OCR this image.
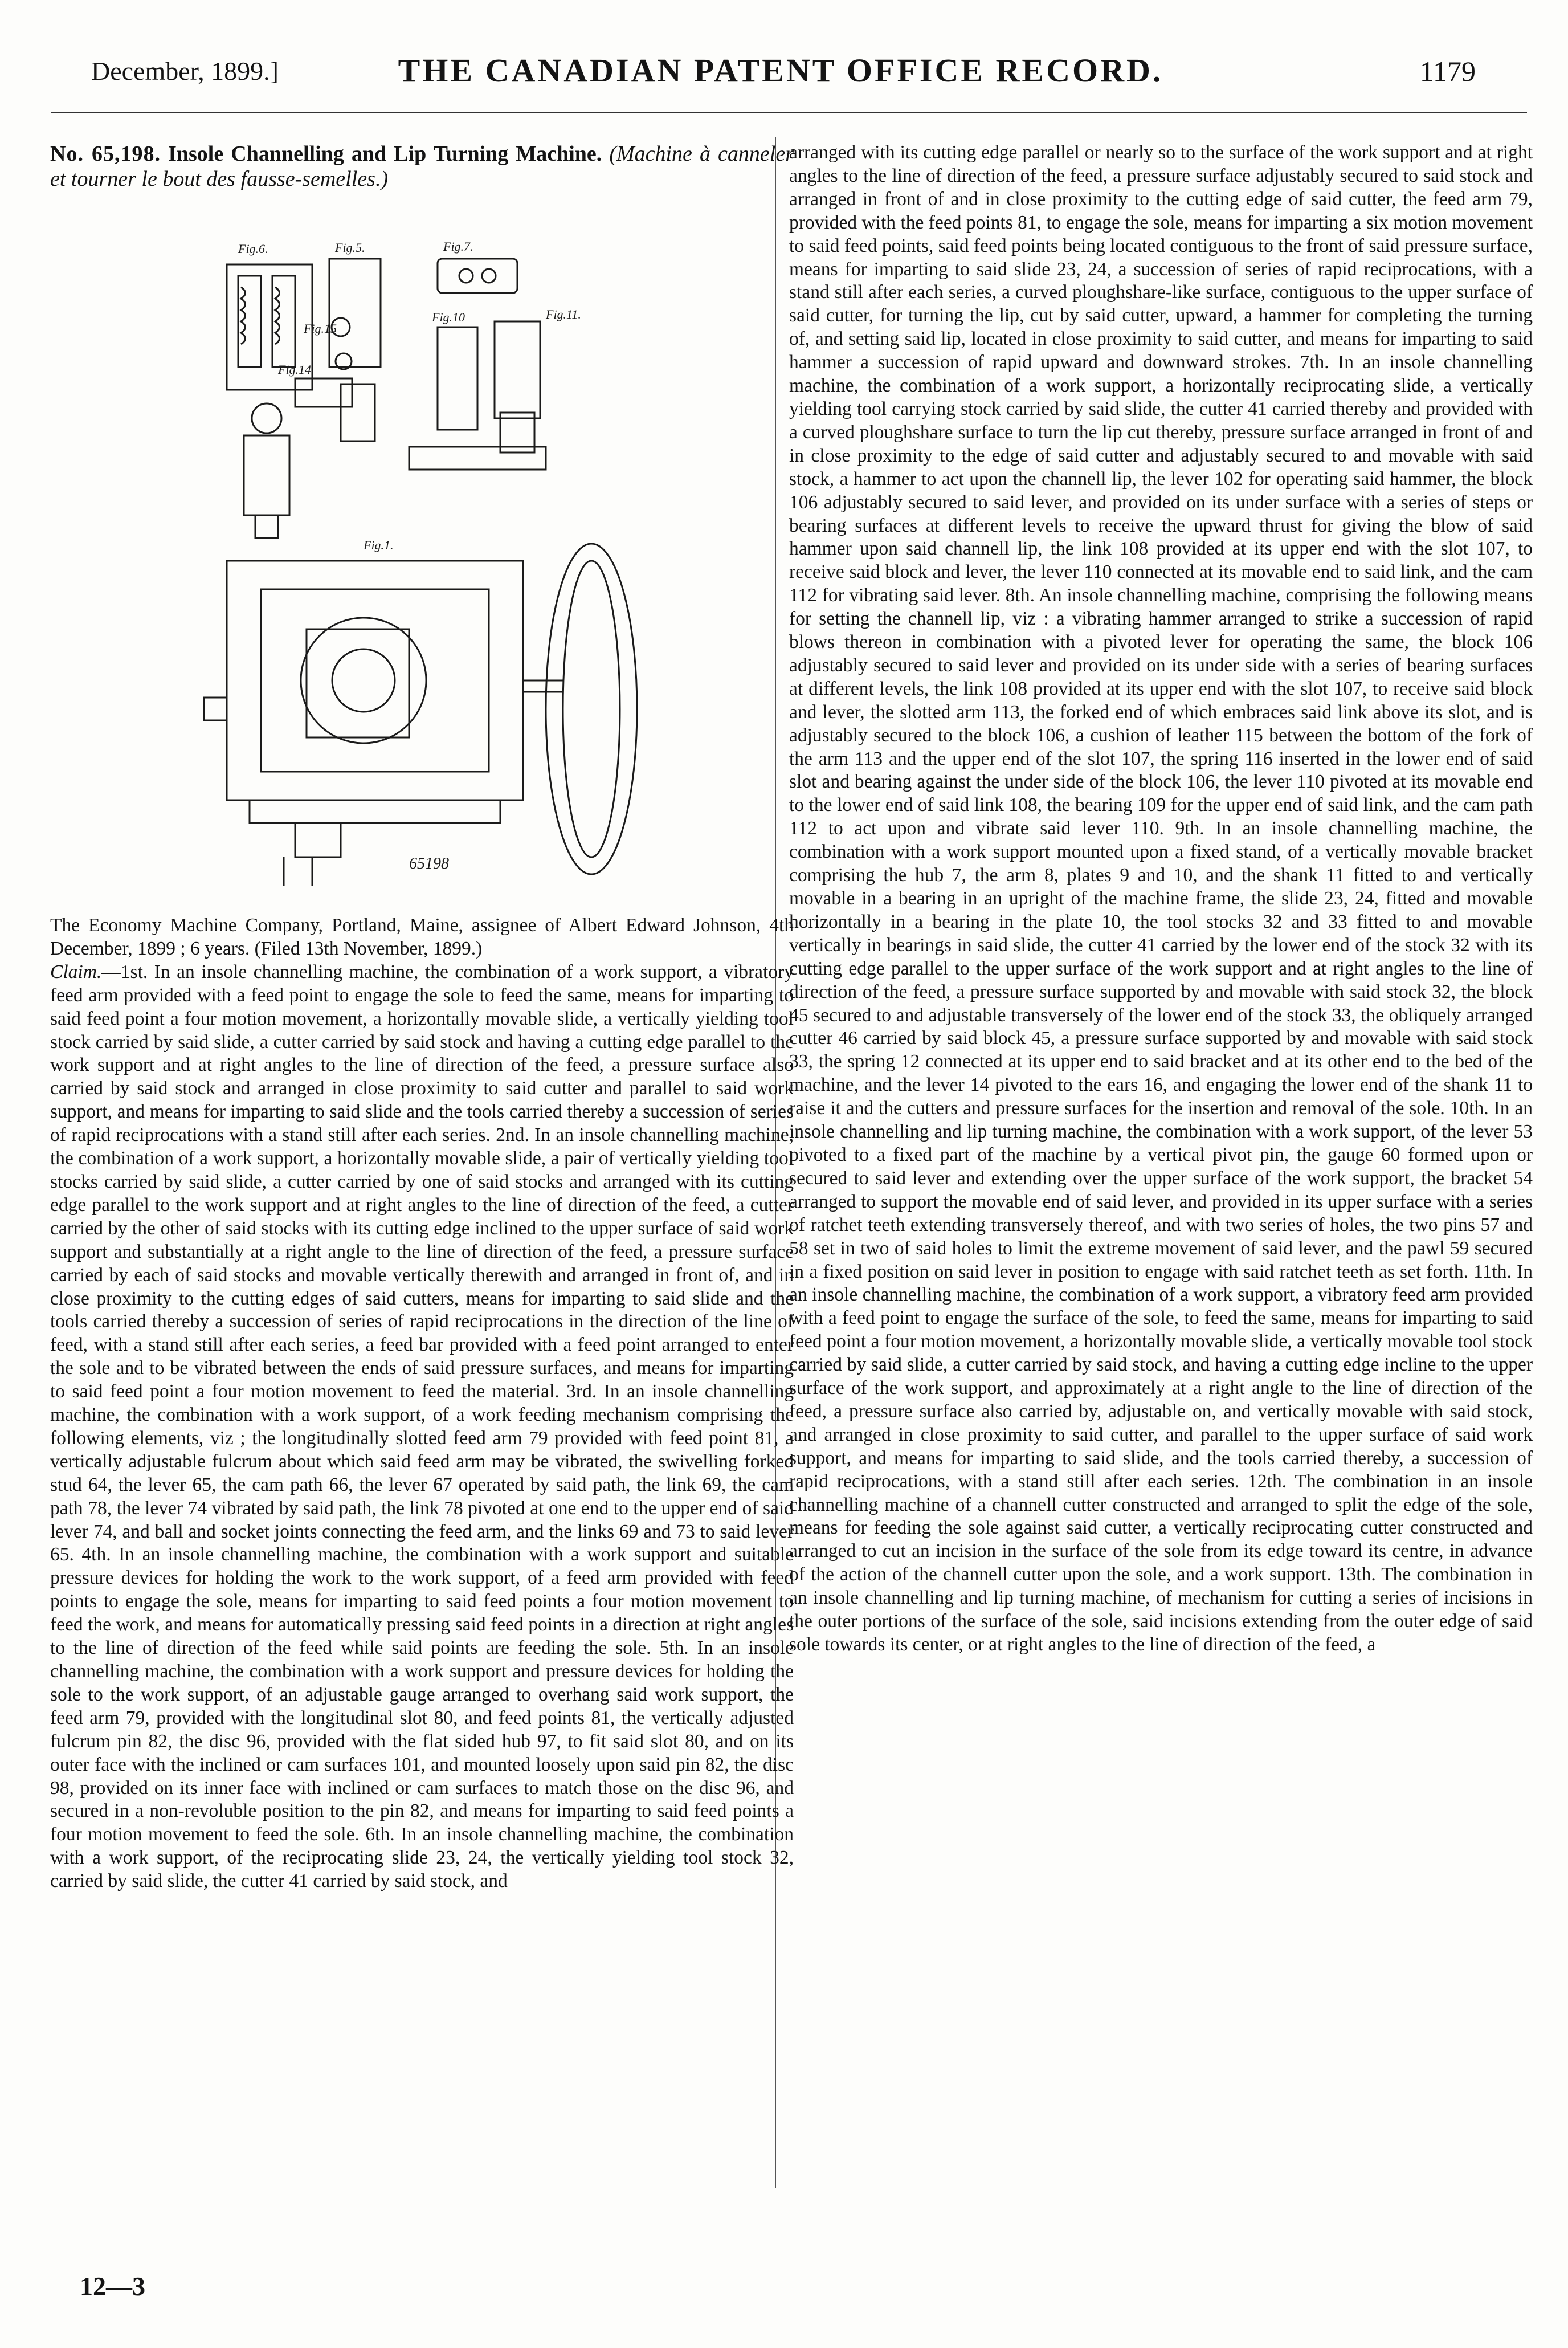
December, 1899.]	THE CANADIAN PATENT OFFICE RECORD.	1179
No. 65,198. Insole Channelling and Lip Turning Machine. (Machine à canneler et tourner le bout des fausse-semelles.)
Fig.6.	Fig.5.	Fig.7.
Fig.15
Fig.10	Fig.11.
Fig.14
Fig.1.
65198

The Economy Machine Company, Portland, Maine, assignee of Albert Edward Johnson, 4th December, 1899 ; 6 years. (Filed 13th November, 1899.)

Claim.—1st. In an insole channelling machine, the combination of a work support, a vibratory feed arm provided with a feed point to engage the sole to feed the same, means for imparting to said feed point a four motion movement, a horizontally movable slide, a vertically yielding tool stock carried by said slide, a cutter carried by said stock and having a cutting edge parallel to the work support and at right angles to the line of direction of the feed, a pressure surface also carried by said stock and arranged in close proximity to said cutter and parallel to said work support, and means for imparting to said slide and the tools carried thereby a succession of series of rapid reciprocations with a stand still after each series. 2nd. In an insole channelling machine, the combination of a work support, a horizontally movable slide, a pair of vertically yielding tool stocks carried by said slide, a cutter carried by one of said stocks and arranged with its cutting edge parallel to the work support and at right angles to the line of direction of the feed, a cutter carried by the other of said stocks with its cutting edge inclined to the upper surface of said work support and substantially at a right angle to the line of direction of the feed, a pressure surface carried by each of said stocks and movable vertically therewith and arranged in front of, and in close proximity to the cutting edges of said cutters, means for imparting to said slide and the tools carried thereby a succession of series of rapid reciprocations in the direction of the line of feed, with a stand still after each series, a feed bar provided with a feed point arranged to enter the sole and to be vibrated between the ends of said pressure surfaces, and means for imparting to said feed point a four motion movement to feed the material. 3rd. In an insole channelling machine, the combination with a work support, of a work feeding mechanism comprising the following elements, viz ; the longitudinally slotted feed arm 79 provided with feed point 81, a vertically adjustable fulcrum about which said feed arm may be vibrated, the swivelling forked stud 64, the lever 65, the cam path 66, the lever 67 operated by said path, the link 69, the cam path 78, the lever 74 vibrated by said path, the link 78 pivoted at one end to the upper end of said lever 74, and ball and socket joints connecting the feed arm, and the links 69 and 73 to said lever 65. 4th. In an insole channelling machine, the combination with a work support and suitable pressure devices for holding the work to the work support, of a feed arm provided with feed points to engage the sole, means for imparting to said feed points a four motion movement to feed the work, and means for automatically pressing said feed points in a direction at right angles to the line of direction of the feed while said points are feeding the sole. 5th. In an insole channelling machine, the combination with a work support and pressure devices for holding the sole to the work support, of an adjustable gauge arranged to overhang said work support, the feed arm 79, provided with the longitudinal slot 80, and feed points 81, the vertically adjusted fulcrum pin 82, the disc 96, provided with the flat sided hub 97, to fit said slot 80, and on its outer face with the inclined or cam surfaces 101, and mounted loosely upon said pin 82, the disc 98, provided on its inner face with inclined or cam surfaces to match those on the disc 96, and secured in a non-revoluble position to the pin 82, and means for imparting to said feed points a four motion movement to feed the sole. 6th. In an insole channelling machine, the combination with a work support, of the reciprocating slide 23, 24, the vertically yielding tool stock 32, carried by said slide, the cutter 41 carried by said stock, and

arranged with its cutting edge parallel or nearly so to the surface of the work support and at right angles to the line of direction of the feed, a pressure surface adjustably secured to said stock and arranged in front of and in close proximity to the cutting edge of said cutter, the feed arm 79, provided with the feed points 81, to engage the sole, means for imparting a six motion movement to said feed points, said feed points being located contiguous to the front of said pressure surface, means for imparting to said slide 23, 24, a succession of series of rapid reciprocations, with a stand still after each series, a curved ploughshare-like surface, contiguous to the upper surface of said cutter, for turning the lip, cut by said cutter, upward, a hammer for completing the turning of, and setting said lip, located in close proximity to said cutter, and means for imparting to said hammer a succession of rapid upward and downward strokes. 7th. In an insole channelling machine, the combination of a work support, a horizontally reciprocating slide, a vertically yielding tool carrying stock carried by said slide, the cutter 41 carried thereby and provided with a curved ploughshare surface to turn the lip cut thereby, pressure surface arranged in front of and in close proximity to the edge of said cutter and adjustably secured to and movable with said stock, a hammer to act upon the channell lip, the lever 102 for operating said hammer, the block 106 adjustably secured to said lever, and provided on its under surface with a series of steps or bearing surfaces at different levels to receive the upward thrust for giving the blow of said hammer upon said channell lip, the link 108 provided at its upper end with the slot 107, to receive said block and lever, the lever 110 connected at its movable end to said link, and the cam 112 for vibrating said lever. 8th. An insole channelling machine, comprising the following means for setting the channell lip, viz : a vibrating hammer arranged to strike a succession of rapid blows thereon in combination with a pivoted lever for operating the same, the block 106 adjustably secured to said lever and provided on its under side with a series of bearing surfaces at different levels, the link 108 provided at its upper end with the slot 107, to receive said block and lever, the slotted arm 113, the forked end of which embraces said link above its slot, and is adjustably secured to the block 106, a cushion of leather 115 between the bottom of the fork of the arm 113 and the upper end of the slot 107, the spring 116 inserted in the lower end of said slot and bearing against the under side of the block 106, the lever 110 pivoted at its movable end to the lower end of said link 108, the bearing 109 for the upper end of said link, and the cam path 112 to act upon and vibrate said lever 110. 9th. In an insole channelling machine, the combination with a work support mounted upon a fixed stand, of a vertically movable bracket comprising the hub 7, the arm 8, plates 9 and 10, and the shank 11 fitted to and vertically movable in a bearing in an upright of the machine frame, the slide 23, 24, fitted and movable horizontally in a bearing in the plate 10, the tool stocks 32 and 33 fitted to and movable vertically in bearings in said slide, the cutter 41 carried by the lower end of the stock 32 with its cutting edge parallel to the upper surface of the work support and at right angles to the line of direction of the feed, a pressure surface supported by and movable with said stock 32, the block 45 secured to and adjustable transversely of the lower end of the stock 33, the obliquely arranged cutter 46 carried by said block 45, a pressure surface supported by and movable with said stock 33, the spring 12 connected at its upper end to said bracket and at its other end to the bed of the machine, and the lever 14 pivoted to the ears 16, and engaging the lower end of the shank 11 to raise it and the cutters and pressure surfaces for the insertion and removal of the sole. 10th. In an insole channelling and lip turning machine, the combination with a work support, of the lever 53 pivoted to a fixed part of the machine by a vertical pivot pin, the gauge 60 formed upon or secured to said lever and extending over the upper surface of the work support, the bracket 54 arranged to support the movable end of said lever, and provided in its upper surface with a series of ratchet teeth extending transversely thereof, and with two series of holes, the two pins 57 and 58 set in two of said holes to limit the extreme movement of said lever, and the pawl 59 secured in a fixed position on said lever in position to engage with said ratchet teeth as set forth. 11th. In an insole channelling machine, the combination of a work support, a vibratory feed arm provided with a feed point to engage the surface of the sole, to feed the same, means for imparting to said feed point a four motion movement, a horizontally movable slide, a vertically movable tool stock carried by said slide, a cutter carried by said stock, and having a cutting edge incline to the upper surface of the work support, and approximately at a right angle to the line of direction of the feed, a pressure surface also carried by, adjustable on, and vertically movable with said stock, and arranged in close proximity to said cutter, and parallel to the upper surface of said work support, and means for imparting to said slide, and the tools carried thereby, a succession of rapid reciprocations, with a stand still after each series. 12th. The combination in an insole channelling machine of a channell cutter constructed and arranged to split the edge of the sole, means for feeding the sole against said cutter, a vertically reciprocating cutter constructed and arranged to cut an incision in the surface of the sole from its edge toward its centre, in advance of the action of the channell cutter upon the sole, and a work support. 13th. The combination in an insole channelling and lip turning machine, of mechanism for cutting a series of incisions in the outer portions of the surface of the sole, said incisions extending from the outer edge of said sole towards its center, or at right angles to the line of direction of the feed, a

12—3
